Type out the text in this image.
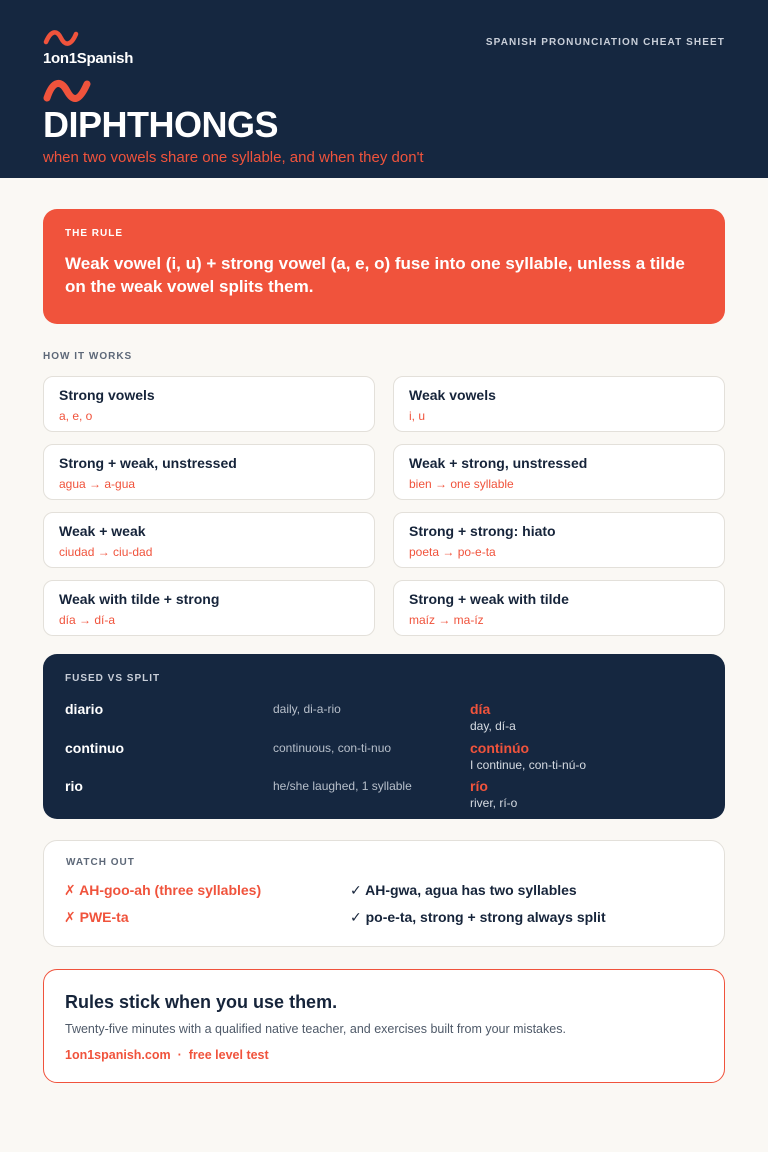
1on1Spanish
SPANISH PRONUNCIATION CHEAT SHEET
DIPHTHONGS
when two vowels share one syllable, and when they don't
THE RULE
Weak vowel (i, u) + strong vowel (a, e, o) fuse into one syllable, unless a tilde on the weak vowel splits them.
HOW IT WORKS
Strong vowels
a, e, o
Weak vowels
i, u
Strong + weak, unstressed
agua → a-gua
Weak + strong, unstressed
bien → one syllable
Weak + weak
ciudad → ciu-dad
Strong + strong: hiato
poeta → po-e-ta
Weak with tilde + strong
día → dí-a
Strong + weak with tilde
maíz → ma-íz
FUSED VS SPLIT
diario	daily, di-a-rio	día
day, dí-a
continuo	continuous, con-ti-nuo	continúo
I continue, con-ti-nú-o
rio	he/she laughed, 1 syllable	río
river, rí-o
WATCH OUT
✗ AH-goo-ah (three syllables)	✓ AH-gwa, agua has two syllables
✗ PWE-ta	✓ po-e-ta, strong + strong always split
Rules stick when you use them.
Twenty-five minutes with a qualified native teacher, and exercises built from your mistakes.
1on1spanish.com · free level test
